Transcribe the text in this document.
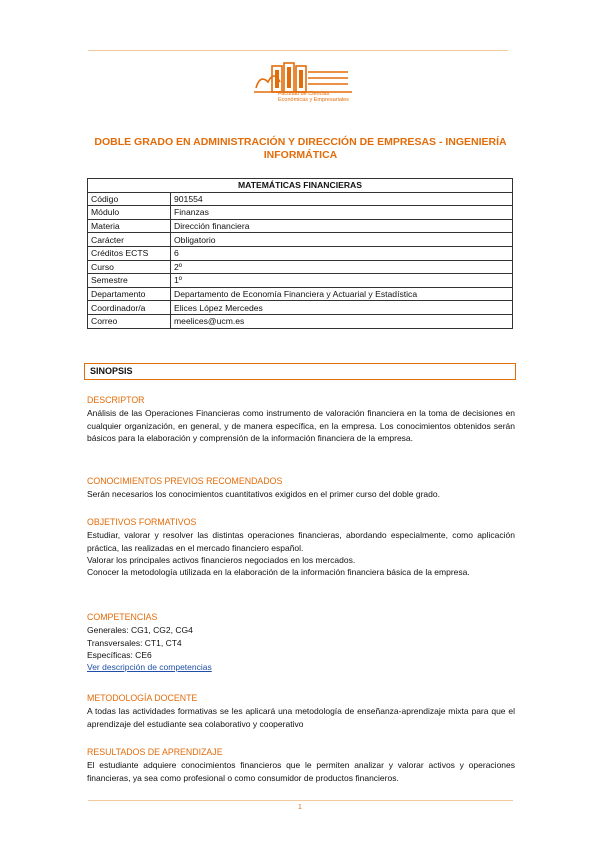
Facultad de Ciencias Económicas y Empresariales
DOBLE GRADO EN ADMINISTRACIÓN Y DIRECCIÓN DE EMPRESAS - INGENIERÍA INFORMÁTICA
MATEMÁTICAS FINANCIERAS	
Código	901554
Módulo	Finanzas
Materia	Dirección financiera
Carácter	Obligatorio
Créditos ECTS	6
Curso	2º
Semestre	1º
Departamento	Departamento de Economía Financiera y Actuarial y Estadística
Coordinador/a	Elices López Mercedes
Correo	meelices@ucm.es
SINOPSIS
DESCRIPTOR

Análisis de las Operaciones Financieras como instrumento de valoración financiera en la toma de decisiones en cualquier organización, en general, y de manera específica, en la empresa. Los conocimientos obtenidos serán básicos para la elaboración y comprensión de la información financiera de la empresa.

CONOCIMIENTOS PREVIOS RECOMENDADOS

Serán necesarios los conocimientos cuantitativos exigidos en el primer curso del doble grado.

OBJETIVOS FORMATIVOS

Estudiar, valorar y resolver las distintas operaciones financieras, abordando especialmente, como aplicación práctica, las realizadas en el mercado financiero español.

Valorar los principales activos financieros negociados en los mercados.

Conocer la metodología utilizada en la elaboración de la información financiera básica de la empresa.

COMPETENCIAS

Generales: CG1, CG2, CG4

Transversales: CT1, CT4

Específicas: CE6

Ver descripción de competencias

METODOLOGÍA DOCENTE

A todas las actividades formativas se les aplicará una metodología de enseñanza-aprendizaje mixta para que el aprendizaje del estudiante sea colaborativo y cooperativo

RESULTADOS DE APRENDIZAJE

El estudiante adquiere conocimientos financieros que le permiten analizar y valorar activos y operaciones financieras, ya sea como profesional o como consumidor de productos financieros.

1
